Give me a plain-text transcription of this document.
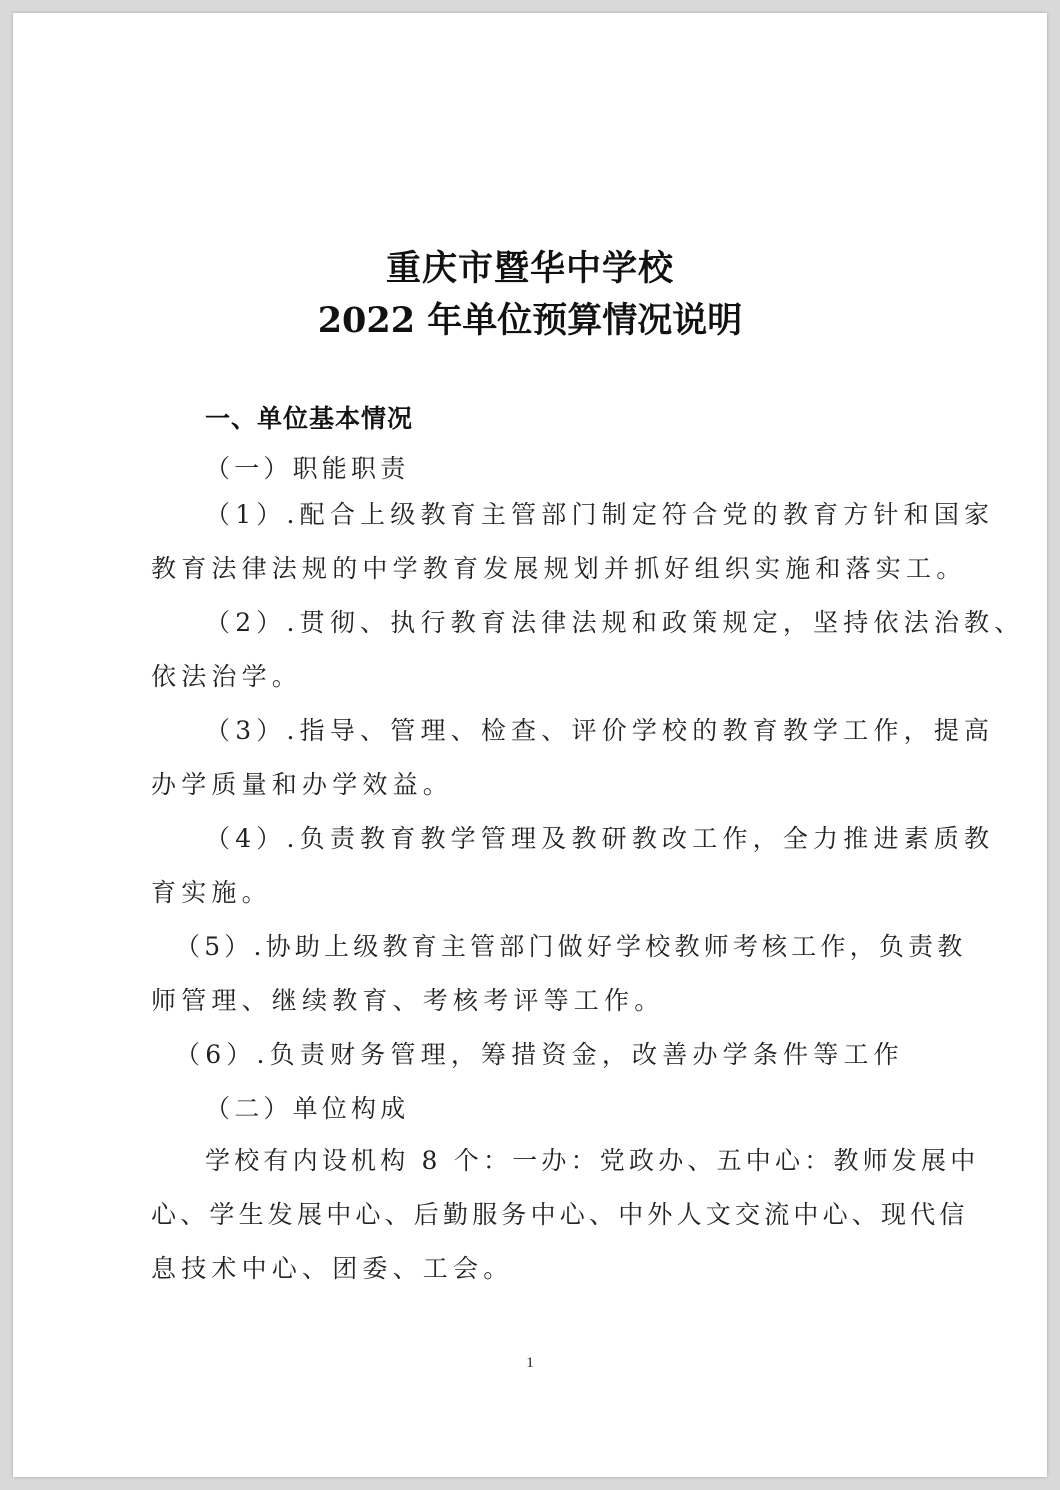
重庆市暨华中学校
2022 年单位预算情况说明
一、单位基本情况
（一）职能职责
（1）.配合上级教育主管部门制定符合党的教育方针和国家
教育法律法规的中学教育发展规划并抓好组织实施和落实工。
（2）.贯彻、执行教育法律法规和政策规定，坚持依法治教、
依法治学。
（3）.指导、管理、检查、评价学校的教育教学工作，提高
办学质量和办学效益。
（4）.负责教育教学管理及教研教改工作，全力推进素质教
育实施。
（5）.协助上级教育主管部门做好学校教师考核工作，负责教
师管理、继续教育、考核考评等工作。
（6）.负责财务管理，筹措资金，改善办学条件等工作
（二）单位构成
学校有内设机构 8 个：一办：党政办、五中心：教师发展中
心、学生发展中心、后勤服务中心、中外人文交流中心、现代信
息技术中心、团委、工会。
1
